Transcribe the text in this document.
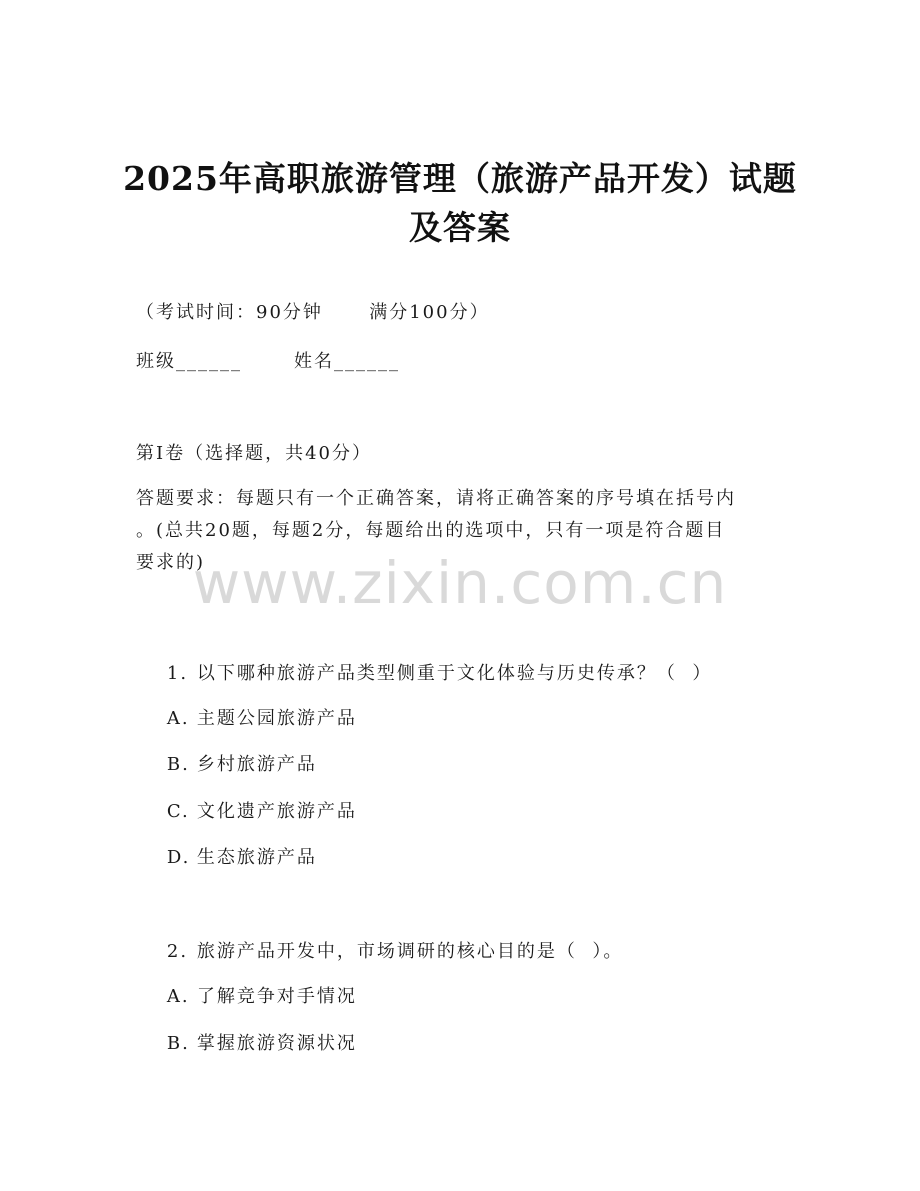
2025年高职旅游管理（旅游产品开发）试题
及答案
（考试时间：90分钟      满分100分）
班级______	姓名______
第I卷（选择题，共40分）
答题要求：每题只有一个正确答案，请将正确答案的序号填在括号内
。(总共20题，每题2分，每题给出的选项中，只有一项是符合题目
要求的)
www.zixin.com.cn

1. 以下哪种旅游产品类型侧重于文化体验与历史传承？（  ）

A. 主题公园旅游产品

B. 乡村旅游产品

C. 文化遗产旅游产品

D. 生态旅游产品

2. 旅游产品开发中，市场调研的核心目的是（  ）。

A. 了解竞争对手情况

B. 掌握旅游资源状况
